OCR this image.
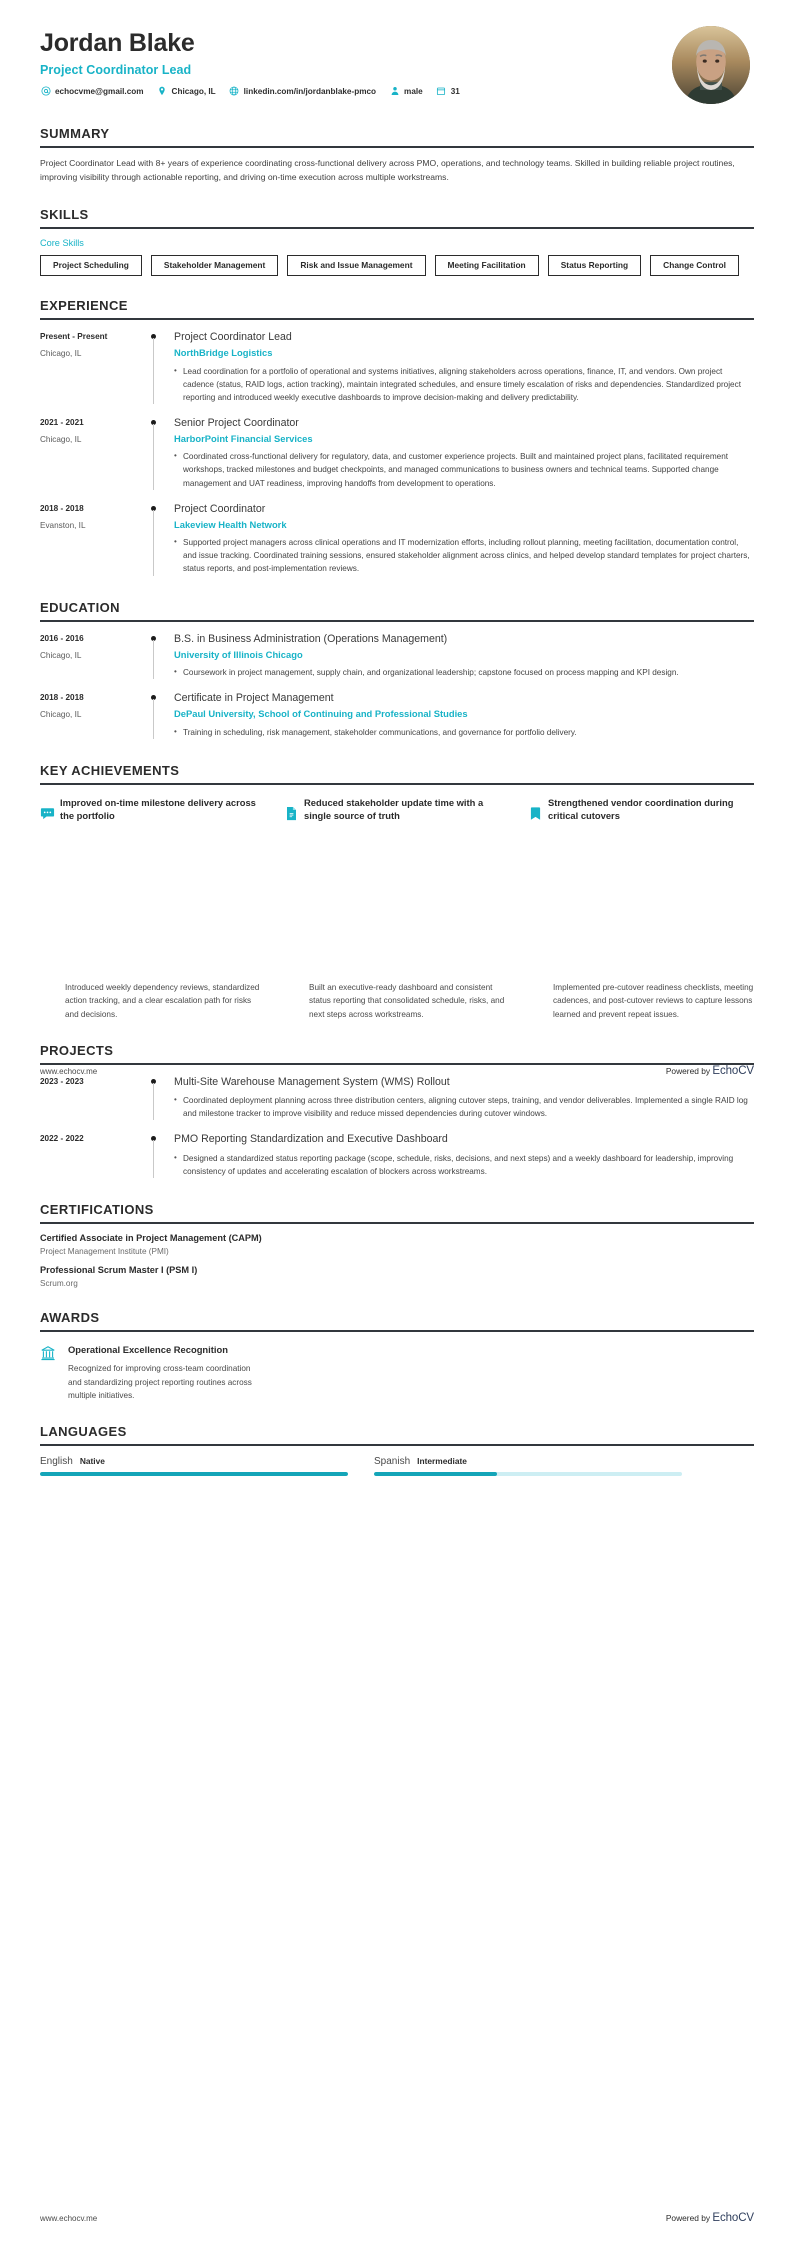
Jordan Blake
Project Coordinator Lead
echocvme@gmail.com	Chicago, IL	linkedin.com/in/jordanblake-pmco	male	31
SUMMARY
Project Coordinator Lead with 8+ years of experience coordinating cross-functional delivery across PMO, operations, and technology teams. Skilled in building reliable project routines, improving visibility through actionable reporting, and driving on-time execution across multiple workstreams.
SKILLS
Core Skills
Project Scheduling	Stakeholder Management	Risk and Issue Management	Meeting Facilitation	Status Reporting	Change Control
EXPERIENCE
Present - Present
Chicago, IL
Project Coordinator Lead
NorthBridge Logistics
• Lead coordination for a portfolio of operational and systems initiatives, aligning stakeholders across operations, finance, IT, and vendors. Own project cadence (status, RAID logs, action tracking), maintain integrated schedules, and ensure timely escalation of risks and dependencies. Standardized project reporting and introduced weekly executive dashboards to improve decision-making and delivery predictability.
2021 - 2021
Chicago, IL
Senior Project Coordinator
HarborPoint Financial Services
• Coordinated cross-functional delivery for regulatory, data, and customer experience projects. Built and maintained project plans, facilitated requirement workshops, tracked milestones and budget checkpoints, and managed communications to business owners and technical teams. Supported change management and UAT readiness, improving handoffs from development to operations.
2018 - 2018
Evanston, IL
Project Coordinator
Lakeview Health Network
• Supported project managers across clinical operations and IT modernization efforts, including rollout planning, meeting facilitation, documentation control, and issue tracking. Coordinated training sessions, ensured stakeholder alignment across clinics, and helped develop standard templates for project charters, status reports, and post-implementation reviews.
EDUCATION
2016 - 2016
Chicago, IL
B.S. in Business Administration (Operations Management)
University of Illinois Chicago
• Coursework in project management, supply chain, and organizational leadership; capstone focused on process mapping and KPI design.
2018 - 2018
Chicago, IL
Certificate in Project Management
DePaul University, School of Continuing and Professional Studies
• Training in scheduling, risk management, stakeholder communications, and governance for portfolio delivery.
KEY ACHIEVEMENTS
Improved on-time milestone delivery across the portfolio
Reduced stakeholder update time with a single source of truth
Strengthened vendor coordination during critical cutovers
Introduced weekly dependency reviews, standardized action tracking, and a clear escalation path for risks and decisions.
Built an executive-ready dashboard and consistent status reporting that consolidated schedule, risks, and next steps across workstreams.
Implemented pre-cutover readiness checklists, meeting cadences, and post-cutover reviews to capture lessons learned and prevent repeat issues.
PROJECTS
2023 - 2023	Multi-Site Warehouse Management System (WMS) Rollout
• Coordinated deployment planning across three distribution centers, aligning cutover steps, training, and vendor deliverables. Implemented a single RAID log and milestone tracker to improve visibility and reduce missed dependencies during cutover windows.
2022 - 2022	PMO Reporting Standardization and Executive Dashboard
• Designed a standardized status reporting package (scope, schedule, risks, decisions, and next steps) and a weekly dashboard for leadership, improving consistency of updates and accelerating escalation of blockers across workstreams.
CERTIFICATIONS
Certified Associate in Project Management (CAPM)
Project Management Institute (PMI)
Professional Scrum Master I (PSM I)
Scrum.org
AWARDS
Operational Excellence Recognition
Recognized for improving cross-team coordination and standardizing project reporting routines across multiple initiatives.
LANGUAGES
English Native	Spanish Intermediate
www.echocv.me	Powered by EchoCV
www.echocv.me	Powered by EchoCV
